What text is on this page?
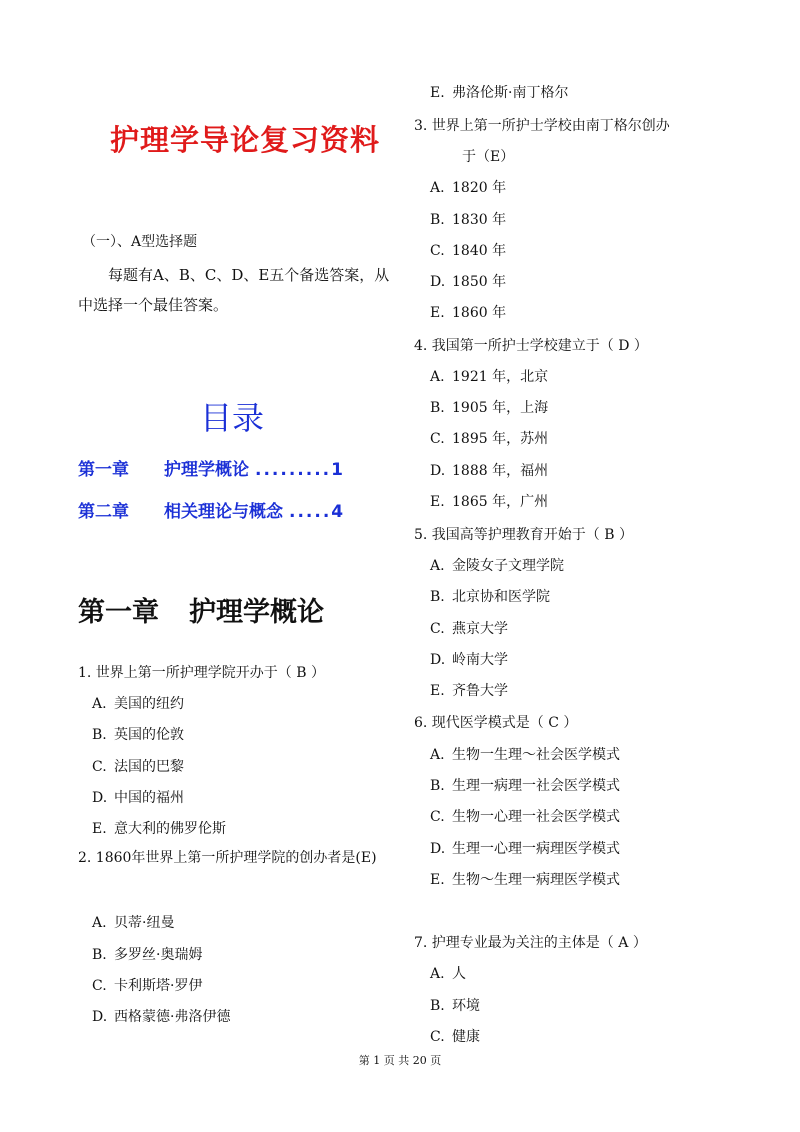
护理学导论复习资料
（一）、A型选择题
每题有A、B、C、D、E五个备选答案，从中选择一个最佳答案。
目录
第一章 护理学概论 .........1
第二章 相关理论与概念 .....4
第一章 护理学概论
1. 世界上第一所护理学院开办于（ B ）
A. 美国的纽约
B. 英国的伦敦
C. 法国的巴黎
D. 中国的福州
E. 意大利的佛罗伦斯
2. 1860年世界上第一所护理学院的创办者是(E)
A. 贝蒂·纽曼
B. 多罗丝·奥瑞姆
C. 卡利斯塔·罗伊
D. 西格蒙德·弗洛伊德
E. 弗洛伦斯·南丁格尔
3. 世界上第一所护士学校由南丁格尔创办
于（E）
A. 1820 年
B. 1830 年
C. 1840 年
D. 1850 年
E. 1860 年
4. 我国第一所护士学校建立于（ D ）
A. 1921 年，北京
B. 1905 年，上海
C. 1895 年，苏州
D. 1888 年，福州
E. 1865 年，广州
5. 我国高等护理教育开始于（ B ）
A. 金陵女子文理学院
B. 北京协和医学院
C. 燕京大学
D. 岭南大学
E. 齐鲁大学
6. 现代医学模式是（ C ）
A. 生物一生理～社会医学模式
B. 生理一病理一社会医学模式
C. 生物一心理一社会医学模式
D. 生理一心理一病理医学模式
E. 生物～生理一病理医学模式
7. 护理专业最为关注的主体是（ A ）
A. 人
B. 环境
C. 健康
第 1 页 共 20 页
